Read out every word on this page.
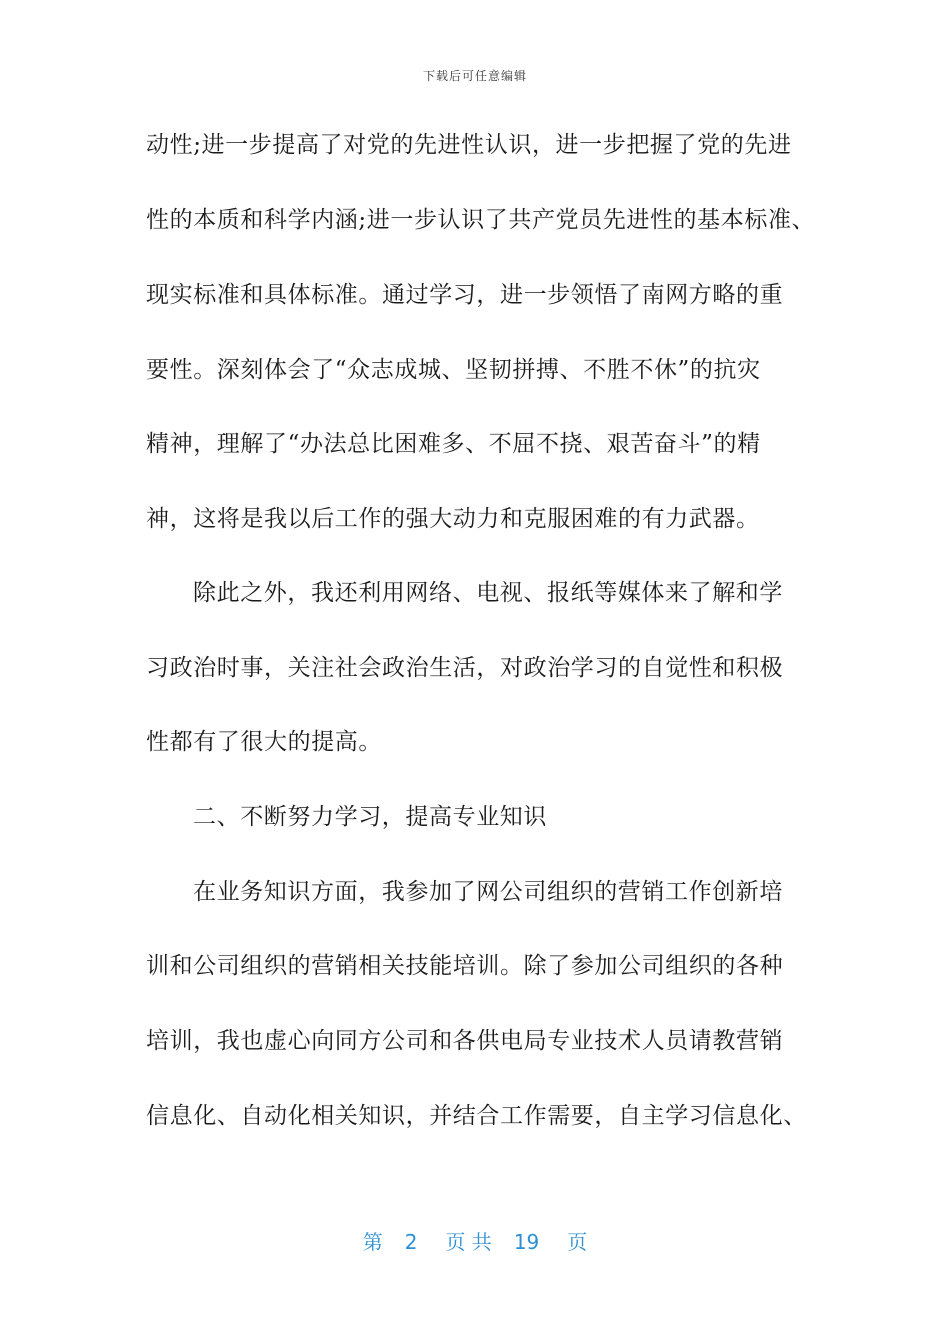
下载后可任意编辑
动性;进一步提高了对党的先进性认识，进一步把握了党的先进
性的本质和科学内涵;进一步认识了共产党员先进性的基本标准、
现实标准和具体标准。通过学习，进一步领悟了南网方略的重
要性。深刻体会了“众志成城、坚韧拼搏、不胜不休”的抗灾
精神，理解了“办法总比困难多、不屈不挠、艰苦奋斗”的精
神，这将是我以后工作的强大动力和克服困难的有力武器。
除此之外，我还利用网络、电视、报纸等媒体来了解和学
习政治时事，关注社会政治生活，对政治学习的自觉性和积极
性都有了很大的提高。
二、不断努力学习，提高专业知识
在业务知识方面，我参加了网公司组织的营销工作创新培
训和公司组织的营销相关技能培训。除了参加公司组织的各种
培训，我也虚心向同方公司和各供电局专业技术人员请教营销
信息化、自动化相关知识，并结合工作需要，自主学习信息化、
第 2 页 共 19 页
